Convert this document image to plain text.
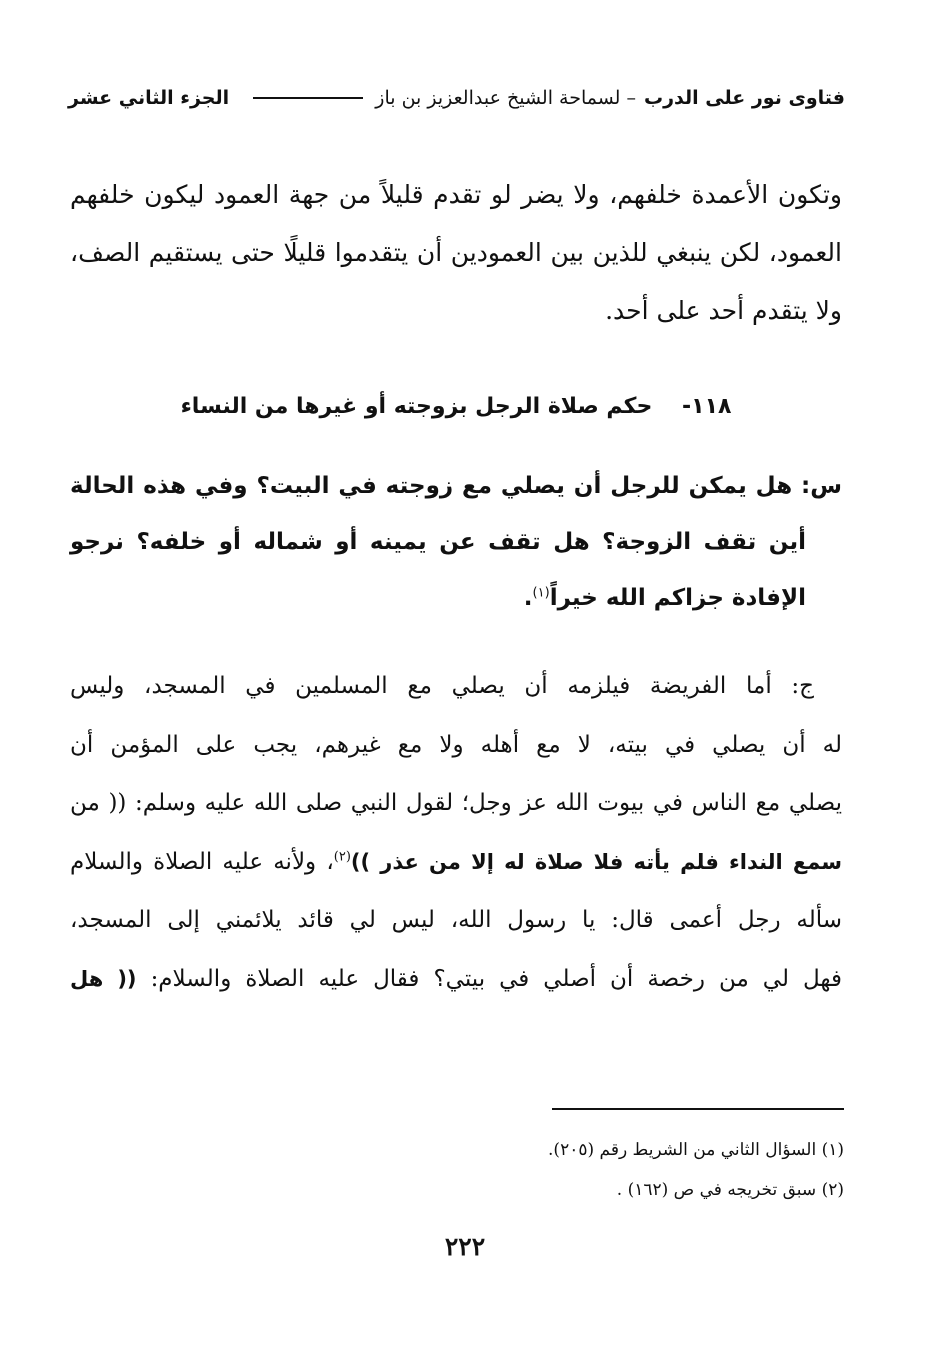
فتاوى نور على الدرب
– لسماحة الشيخ عبدالعزيز بن باز
الجزء الثاني عشر

وتكون الأعمدة خلفهم، ولا يضر لو تقدم قليلاً من جهة العمود ليكون خلفهم العمود، لكن ينبغي للذين بين العمودين أن يتقدموا قليلًا حتى يستقيم الصف، ولا يتقدم أحد على أحد.

١١٨- حكم صلاة الرجل بزوجته أو غيرها من النساء
س: هل يمكن للرجل أن يصلي مع زوجته في البيت؟ وفي هذه الحالة
أين تقف الزوجة؟ هل تقف عن يمينه أو شماله أو خلفه؟ نرجو
الإفادة جزاكم الله خيراً$^{(١)}$.
ج: أما الفريضة فيلزمه أن يصلي مع المسلمين في المسجد، وليس
له أن يصلي في بيته، لا مع أهله ولا مع غيرهم، يجب على المؤمن أن
يصلي مع الناس في بيوت الله عز وجل؛ لقول النبي صلى الله عليه وسلم: (( من
سمع النداء فلم يأته فلا صلاة له إلا من عذر ))$^{(٢)}$، ولأنه عليه الصلاة والسلام
سأله رجل أعمى قال: يا رسول الله، ليس لي قائد يلائمني إلى المسجد،
فهل لي من رخصة أن أصلي في بيتي؟ فقال عليه الصلاة والسلام: (( هل
(١) السؤال الثاني من الشريط رقم (٢٠٥).
(٢) سبق تخريجه في ص (١٦٢) .
٢٢٢
